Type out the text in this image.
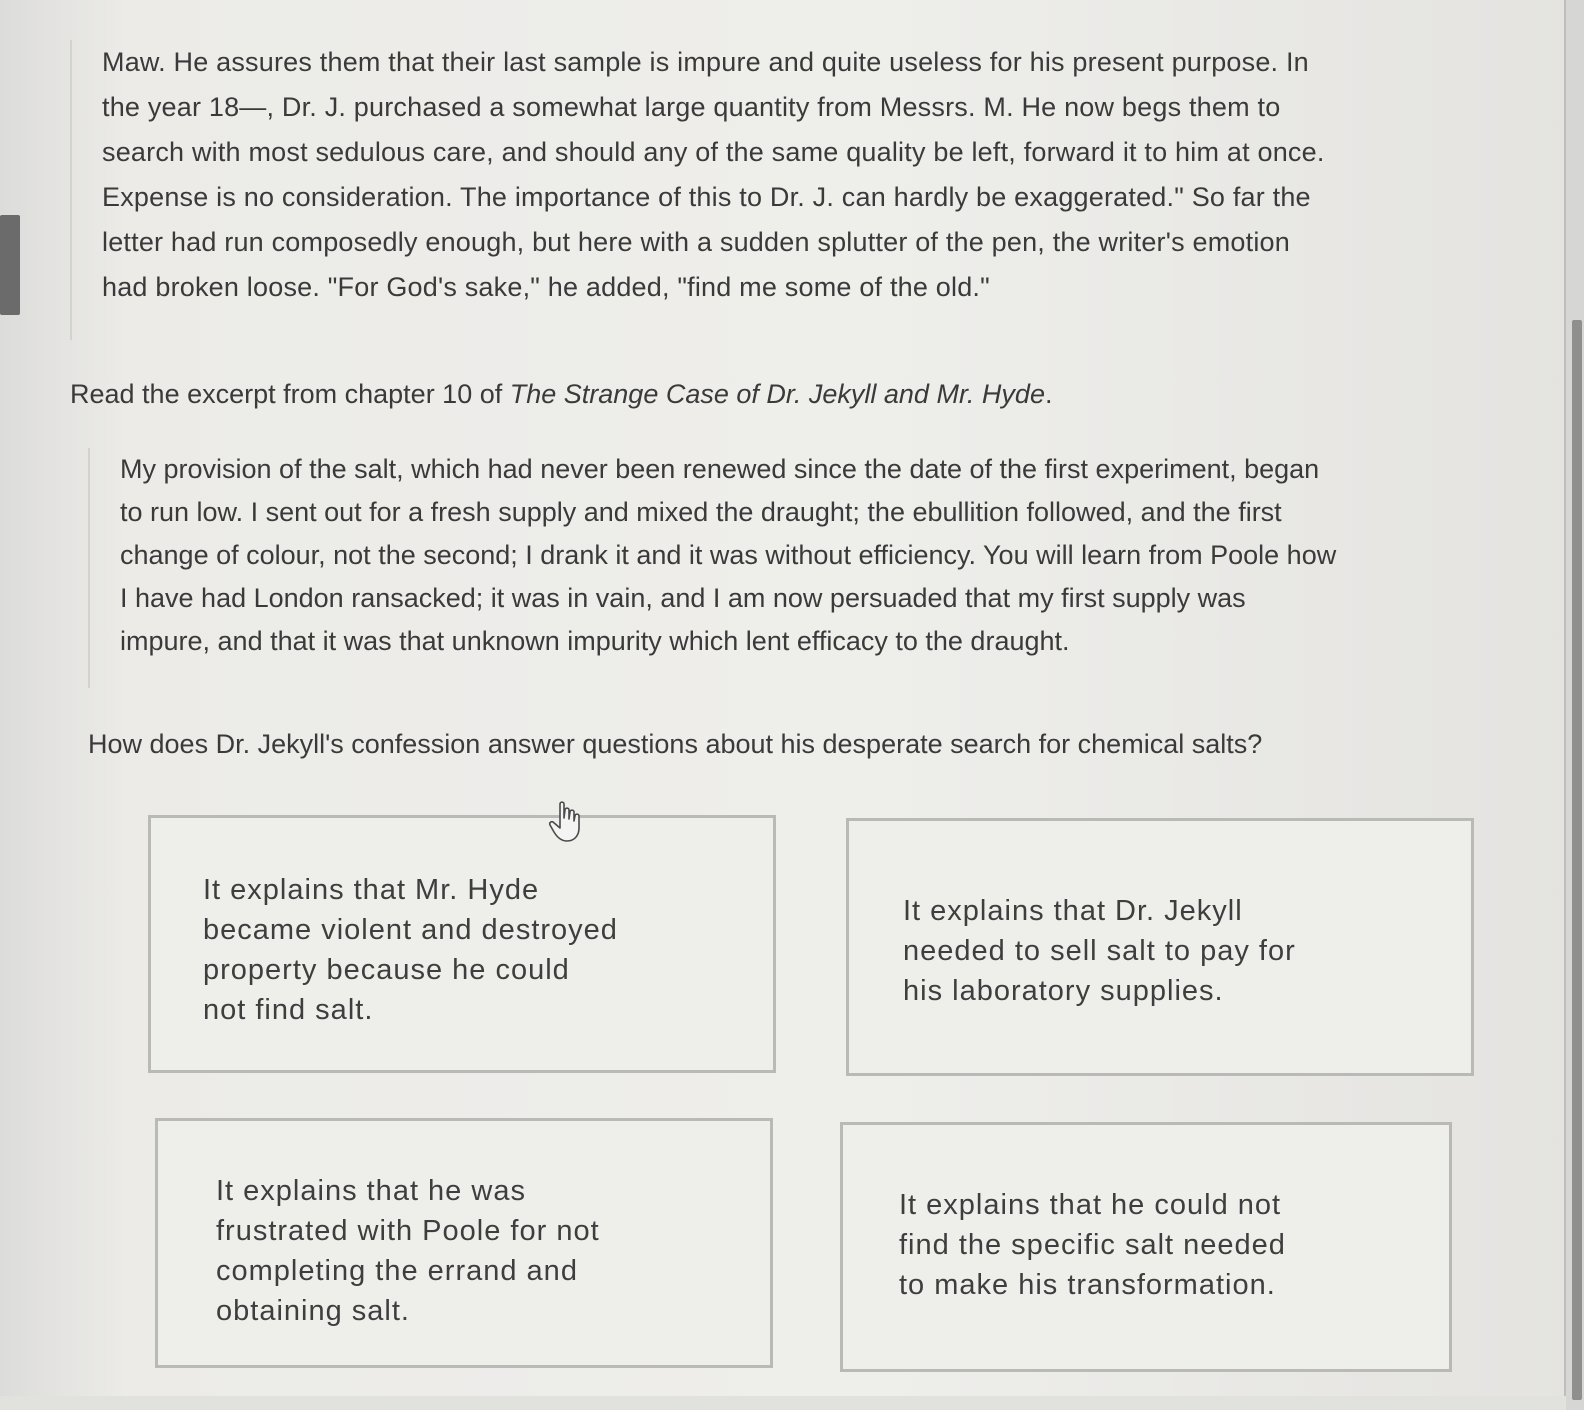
Maw. He assures them that their last sample is impure and quite useless for his present purpose. In

the year 18—, Dr. J. purchased a somewhat large quantity from Messrs. M. He now begs them to

search with most sedulous care, and should any of the same quality be left, forward it to him at once.

Expense is no consideration. The importance of this to Dr. J. can hardly be exaggerated." So far the

letter had run composedly enough, but here with a sudden splutter of the pen, the writer's emotion

had broken loose. "For God's sake," he added, "find me some of the old."

Read the excerpt from chapter 10 of The Strange Case of Dr. Jekyll and Mr. Hyde.

My provision of the salt, which had never been renewed since the date of the first experiment, began

to run low. I sent out for a fresh supply and mixed the draught; the ebullition followed, and the first

change of colour, not the second; I drank it and it was without efficiency. You will learn from Poole how

I have had London ransacked; it was in vain, and I am now persuaded that my first supply was

impure, and that it was that unknown impurity which lent efficacy to the draught.

How does Dr. Jekyll's confession answer questions about his desperate search for chemical salts?

It explains that Mr. Hyde
became violent and destroyed
property because he could
not find salt.
It explains that Dr. Jekyll
needed to sell salt to pay for
his laboratory supplies.
It explains that he was
frustrated with Poole for not
completing the errand and
obtaining salt.
It explains that he could not
find the specific salt needed
to make his transformation.
